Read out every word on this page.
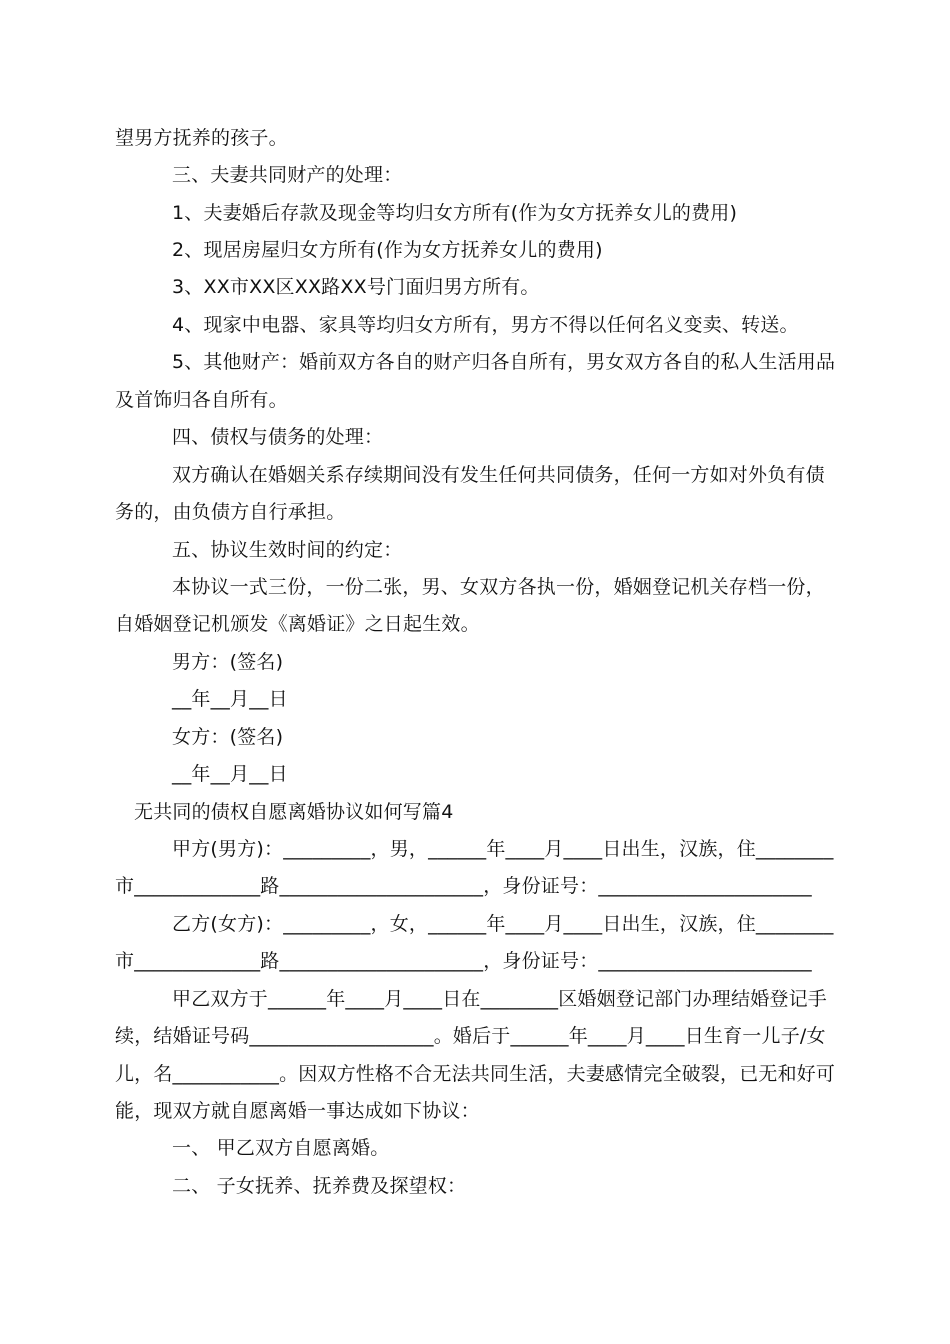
望男方抚养的孩子。
三、夫妻共同财产的处理：
1、夫妻婚后存款及现金等均归女方所有(作为女方抚养女儿的费用)
2、现居房屋归女方所有(作为女方抚养女儿的费用)
3、XX市XX区XX路XX号门面归男方所有。
4、现家中电器、家具等均归女方所有，男方不得以任何名义变卖、转送。
5、其他财产：婚前双方各自的财产归各自所有，男女双方各自的私人生活用品
及首饰归各自所有。
四、债权与债务的处理：
双方确认在婚姻关系存续期间没有发生任何共同债务，任何一方如对外负有债
务的，由负债方自行承担。
五、协议生效时间的约定：
本协议一式三份，一份二张，男、女双方各执一份，婚姻登记机关存档一份，
自婚姻登记机颁发《离婚证》之日起生效。
男方：(签名)
__年__月__日
女方：(签名)
__年__月__日
无共同的债权自愿离婚协议如何写篇4
甲方(男方)：_________，男，______年____月____日出生，汉族，住________
市_____________路_____________________，身份证号：______________________
乙方(女方)：_________，女，______年____月____日出生，汉族，住________
市_____________路_____________________，身份证号：______________________
甲乙双方于______年____月____日在________区婚姻登记部门办理结婚登记手
续，结婚证号码___________________。婚后于______年____月____日生育一儿子/女
儿，名___________。因双方性格不合无法共同生活，夫妻感情完全破裂，已无和好可
能，现双方就自愿离婚一事达成如下协议：
一、 甲乙双方自愿离婚。
二、 子女抚养、抚养费及探望权：
